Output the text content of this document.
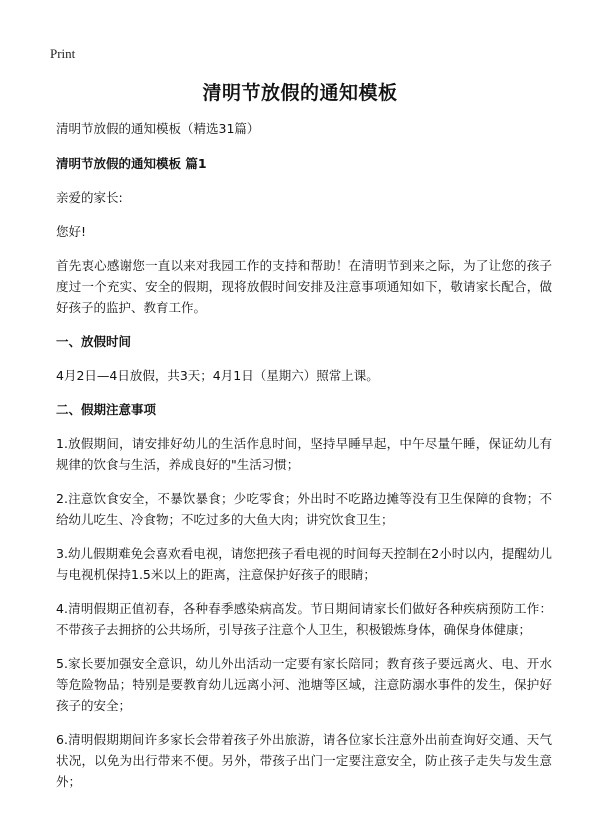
Print
清明节放假的通知模板

清明节放假的通知模板（精选31篇）

清明节放假的通知模板 篇1

亲爱的家长:

您好!

首先衷心感谢您一直以来对我园工作的支持和帮助！在清明节到来之际，为了让您的孩子度过一个充实、安全的假期，现将放假时间安排及注意事项通知如下，敬请家长配合，做好孩子的监护、教育工作。

一、放假时间

4月2日—4日放假，共3天；4月1日（星期六）照常上课。

二、假期注意事项

1.放假期间，请安排好幼儿的生活作息时间，坚持早睡早起，中午尽量午睡，保证幼儿有规律的饮食与生活，养成良好的"生活习惯；

2.注意饮食安全，不暴饮暴食；少吃零食；外出时不吃路边摊等没有卫生保障的食物；不给幼儿吃生、冷食物；不吃过多的大鱼大肉；讲究饮食卫生；

3.幼儿假期难免会喜欢看电视，请您把孩子看电视的时间每天控制在2小时以内，提醒幼儿与电视机保持1.5米以上的距离，注意保护好孩子的眼睛；

4.清明假期正值初春，各种春季感染病高发。节日期间请家长们做好各种疾病预防工作：不带孩子去拥挤的公共场所，引导孩子注意个人卫生，积极锻炼身体，确保身体健康；

5.家长要加强安全意识，幼儿外出活动一定要有家长陪同；教育孩子要远离火、电、开水等危险物品；特别是要教育幼儿远离小河、池塘等区域，注意防溺水事件的发生，保护好孩子的安全；

6.清明假期期间许多家长会带着孩子外出旅游，请各位家长注意外出前查询好交通、天气状况，以免为出行带来不便。另外，带孩子出门一定要注意安全，防止孩子走失与发生意外；
